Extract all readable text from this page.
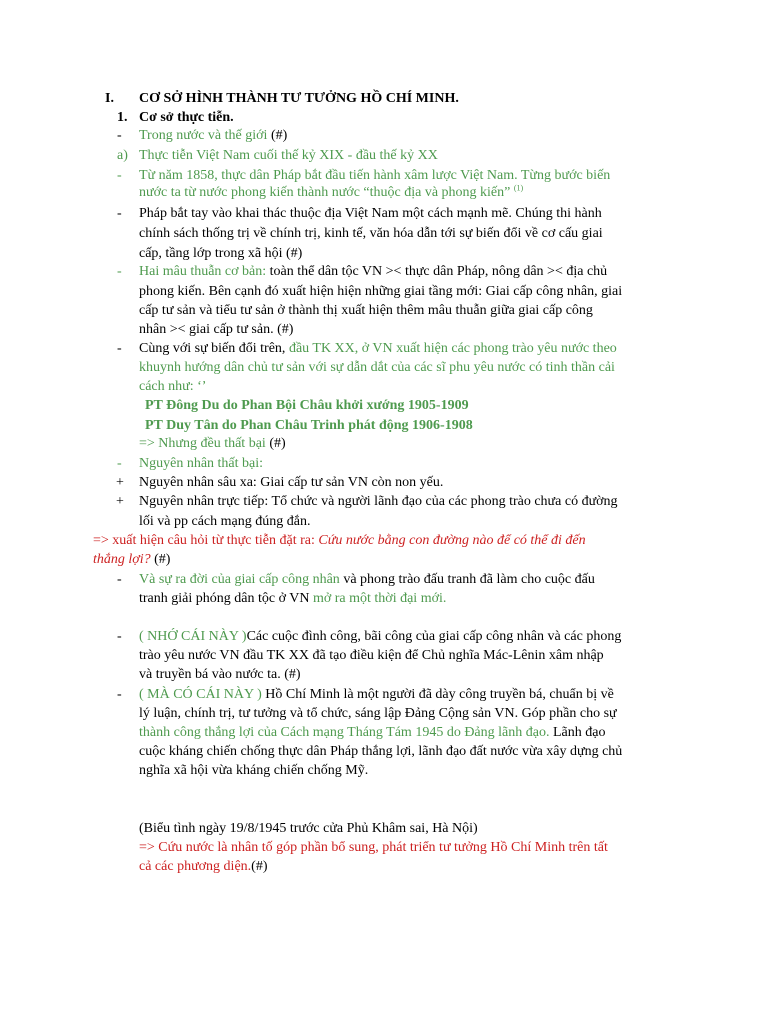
I. CƠ SỞ HÌNH THÀNH TƯ TƯỞNG HỒ CHÍ MINH.
1. Cơ sở thực tiễn.
- Trong nước và thế giới (#)
a) Thực tiễn Việt Nam cuối thế kỷ XIX - đầu thế kỷ XX
- Từ năm 1858, thực dân Pháp bắt đầu tiến hành xâm lược Việt Nam. Từng bước biến
nước ta từ nước phong kiến thành nước “thuộc địa và phong kiến” $^{(1)}$
- Pháp bắt tay vào khai thác thuộc địa Việt Nam một cách mạnh mẽ. Chúng thi hành
chính sách thống trị về chính trị, kinh tế, văn hóa dẫn tới sự biến đổi về cơ cấu giai
cấp, tầng lớp trong xã hội (#)
- Hai mâu thuẫn cơ bản: toàn thể dân tộc VN >< thực dân Pháp, nông dân >< địa chủ
phong kiến. Bên cạnh đó xuất hiện hiện những giai tầng mới: Giai cấp công nhân, giai
cấp tư sản và tiểu tư sản ở thành thị xuất hiện thêm mâu thuẫn giữa giai cấp công
nhân >< giai cấp tư sản. (#)
- Cùng với sự biến đổi trên, đầu TK XX, ở VN xuất hiện các phong trào yêu nước theo
khuynh hướng dân chủ tư sản với sự dẫn dắt của các sĩ phu yêu nước có tinh thần cải
cách như: ‘’
PT Đông Du do Phan Bội Châu khởi xướng 1905-1909
PT Duy Tân do Phan Châu Trinh phát động 1906-1908
=> Nhưng đều thất bại (#)
- Nguyên nhân thất bại:
+ Nguyên nhân sâu xa: Giai cấp tư sản VN còn non yếu.
+ Nguyên nhân trực tiếp: Tổ chức và người lãnh đạo của các phong trào chưa có đường
lối và pp cách mạng đúng đắn.
=> xuất hiện câu hỏi từ thực tiễn đặt ra: Cứu nước bằng con đường nào để có thể đi đến
thắng lợi? (#)
- Và sự ra đời của giai cấp công nhân và phong trào đấu tranh đã làm cho cuộc đấu
tranh giải phóng dân tộc ở VN mở ra một thời đại mới.
- ( NHỚ CÁI NÀY )Các cuộc đình công, bãi công của giai cấp công nhân và các phong
trào yêu nước VN đầu TK XX đã tạo điều kiện để Chủ nghĩa Mác-Lênin xâm nhập
và truyền bá vào nước ta. (#)
- ( MÀ CÓ CÁI NÀY ) Hồ Chí Minh là một người đã dày công truyền bá, chuẩn bị về
lý luận, chính trị, tư tưởng và tổ chức, sáng lập Đảng Cộng sản VN. Góp phần cho sự
thành công thắng lợi của Cách mạng Tháng Tám 1945 do Đảng lãnh đạo. Lãnh đạo
cuộc kháng chiến chống thực dân Pháp thắng lợi, lãnh đạo đất nước vừa xây dựng chủ
nghĩa xã hội vừa kháng chiến chống Mỹ.
(Biểu tình ngày 19/8/1945 trước cửa Phủ Khâm sai, Hà Nội)
=> Cứu nước là nhân tố góp phần bổ sung, phát triển tư tưởng Hồ Chí Minh trên tất
cả các phương diện.(#)
